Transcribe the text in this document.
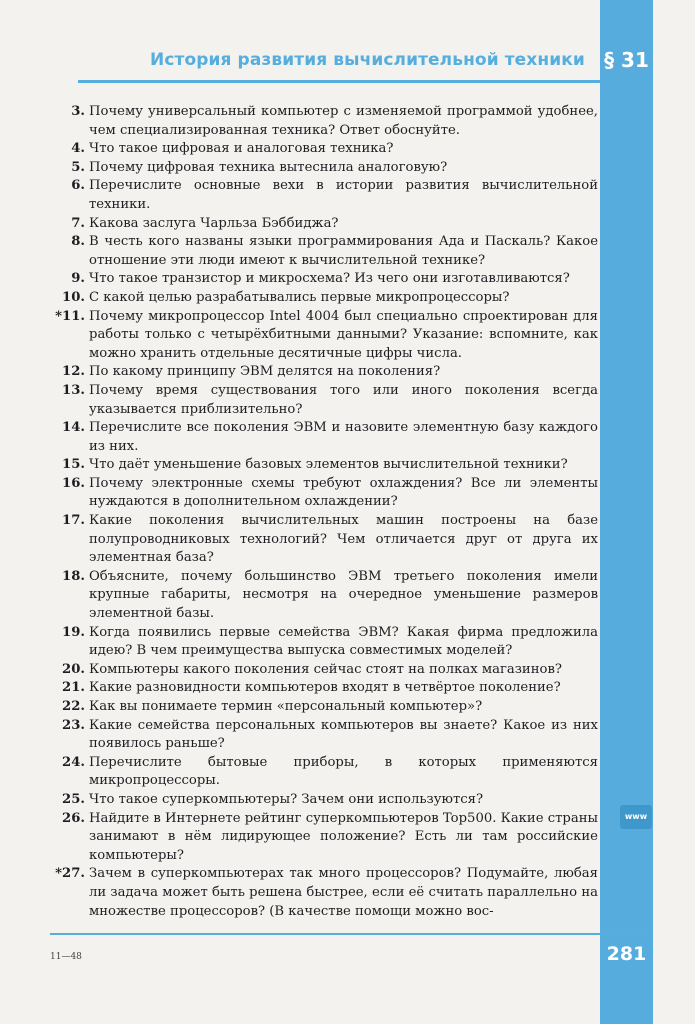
История развития вычислительной техники § 31
3. Почему универсальный компьютер с изменяемой программой удобнее, чем специализированная техника? Ответ обоснуйте.
4. Что такое цифровая и аналоговая техника?
5. Почему цифровая техника вытеснила аналоговую?
6. Перечислите основные вехи в истории развития вычислительной техники.
7. Какова заслуга Чарльза Бэббиджа?
8. В честь кого названы языки программирования Ада и Паскаль? Какое отношение эти люди имеют к вычислительной технике?
9. Что такое транзистор и микросхема? Из чего они изготавливаются?
10. С какой целью разрабатывались первые микропроцессоры?
*11. Почему микропроцессор Intel 4004 был специально спроектирован для работы только с четырёхбитными данными? Указание: вспомните, как можно хранить отдельные десятичные цифры числа.
12. По какому принципу ЭВМ делятся на поколения?
13. Почему время существования того или иного поколения всегда указывается приблизительно?
14. Перечислите все поколения ЭВМ и назовите элементную базу каждого из них.
15. Что даёт уменьшение базовых элементов вычислительной техники?
16. Почему электронные схемы требуют охлаждения? Все ли элементы нуждаются в дополнительном охлаждении?
17. Какие поколения вычислительных машин построены на базе полупроводниковых технологий? Чем отличается друг от друга их элементная база?
18. Объясните, почему большинство ЭВМ третьего поколения имели крупные габариты, несмотря на очередное уменьшение размеров элементной базы.
19. Когда появились первые семейства ЭВМ? Какая фирма предложила идею? В чем преимущества выпуска совместимых моделей?
20. Компьютеры какого поколения сейчас стоят на полках магазинов?
21. Какие разновидности компьютеров входят в четвёртое поколение?
22. Как вы понимаете термин «персональный компьютер»?
23. Какие семейства персональных компьютеров вы знаете? Какое из них появилось раньше?
24. Перечислите бытовые приборы, в которых применяются микропроцессоры.
25. Что такое суперкомпьютеры? Зачем они используются?
26. Найдите в Интернете рейтинг суперкомпьютеров Top500. Какие страны занимают в нём лидирующее положение? Есть ли там российские компьютеры?
*27. Зачем в суперкомпьютерах так много процессоров? Подумайте, любая ли задача может быть решена быстрее, если её считать параллельно на множестве процессоров? (В качестве помощи можно вос-
www
11—48	281
